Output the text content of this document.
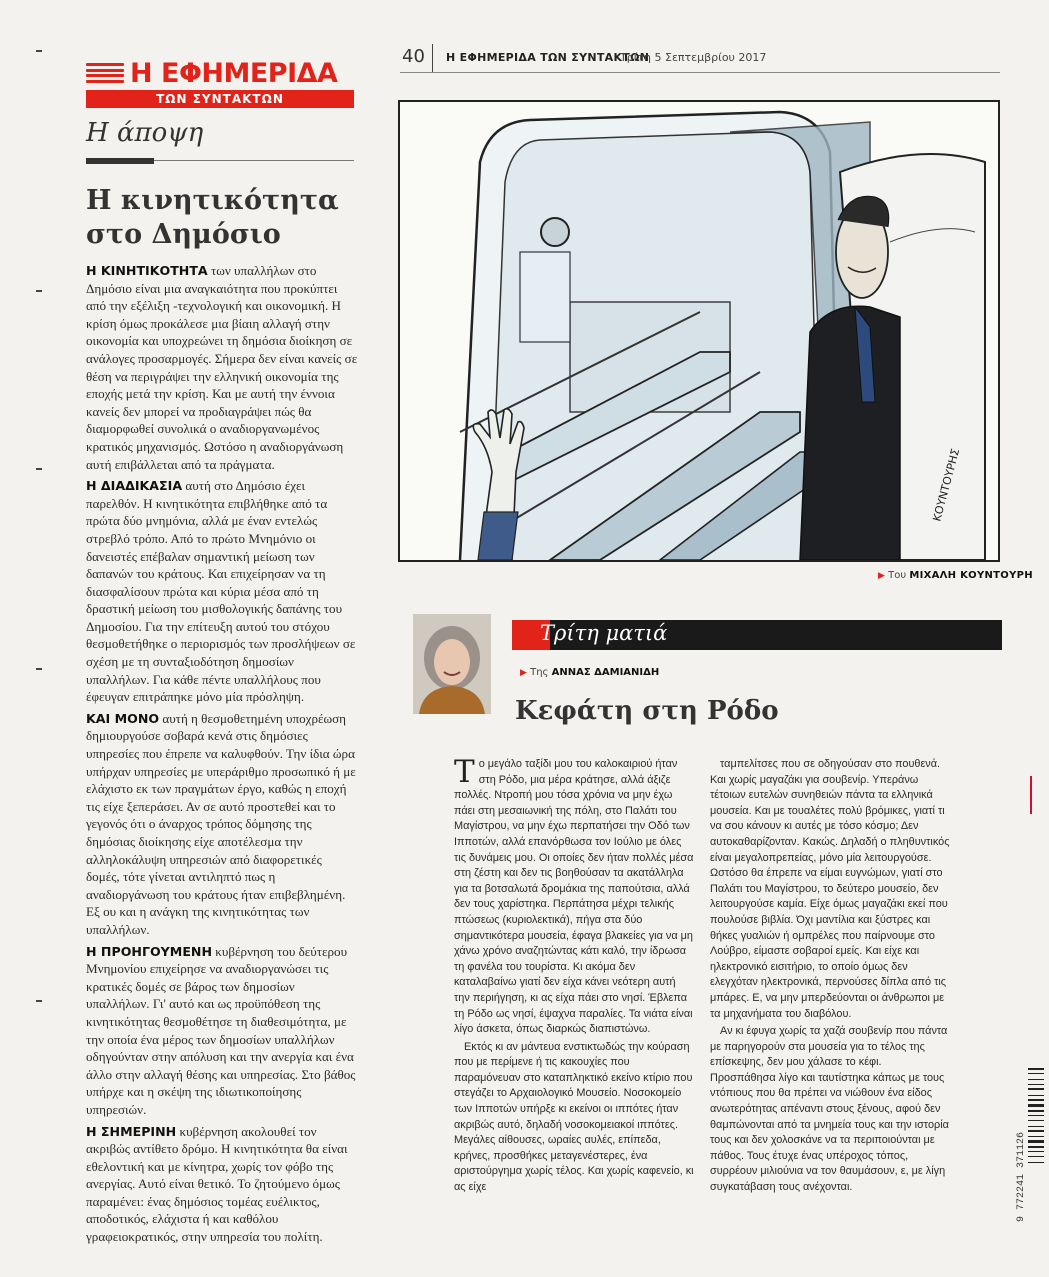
Η ΕΦΗΜΕΡΙΔΑ
ΤΩΝ ΣΥΝΤΑΚΤΩΝ
Η άποψη
40 Η ΕΦΗΜΕΡΙΔΑ ΤΩΝ ΣΥΝΤΑΚΤΩΝ
Τρίτη 5 Σεπτεμβρίου 2017
Η κινητικότητα
στο Δημόσιο

Η ΚΙΝΗΤΙΚΟΤΗΤΑ των υπαλλήλων στο Δημόσιο είναι μια αναγκαιότητα που προκύπτει από την εξέλιξη -τεχνολογική και οικονομική. Η κρίση όμως προκάλεσε μια βίαιη αλλαγή στην οικονομία και υποχρεώνει τη δημόσια διοίκηση σε ανάλογες προσαρμογές. Σήμερα δεν είναι κανείς σε θέση να περιγράψει την ελληνική οικονομία της εποχής μετά την κρίση. Και με αυτή την έννοια κανείς δεν μπορεί να προδιαγράψει πώς θα διαμορφωθεί συνολικά ο αναδιοργανωμένος κρατικός μηχανισμός. Ωστόσο η αναδιοργάνωση αυτή επιβάλλεται από τα πράγματα.

Η ΔΙΑΔΙΚΑΣΙΑ αυτή στο Δημόσιο έχει παρελθόν. Η κινητικότητα επιβλήθηκε από τα πρώτα δύο μνημόνια, αλλά με έναν εντελώς στρεβλό τρόπο. Από το πρώτο Μνημόνιο οι δανειστές επέβαλαν σημαντική μείωση των δαπανών του κράτους. Και επιχείρησαν να τη διασφαλίσουν πρώτα και κύρια μέσα από τη δραστική μείωση του μισθολογικής δαπάνης του Δημοσίου. Για την επίτευξη αυτού του στόχου θεσμοθετήθηκε ο περιορισμός των προσλήψεων σε σχέση με τη συνταξιοδότηση δημοσίων υπαλλήλων. Για κάθε πέντε υπαλλήλους που έφευγαν επιτράπηκε μόνο μία πρόσληψη.

ΚΑΙ ΜΟΝΟ αυτή η θεσμοθετημένη υποχρέωση δημιουργούσε σοβαρά κενά στις δημόσιες υπηρεσίες που έπρεπε να καλυφθούν. Την ίδια ώρα υπήρχαν υπηρεσίες με υπεράριθμο προσωπικό ή με ελάχιστο εκ των πραγμάτων έργο, καθώς η εποχή τις είχε ξεπεράσει. Αν σε αυτό προστεθεί και το γεγονός ότι ο άναρχος τρόπος δόμησης της δημόσιας διοίκησης είχε αποτέλεσμα την αλληλοκάλυψη υπηρεσιών από διαφορετικές δομές, τότε γίνεται αντιληπτό πως η αναδιοργάνωση του κράτους ήταν επιβεβλημένη. Εξ ου και η ανάγκη της κινητικότητας των υπαλλήλων.

Η ΠΡΟΗΓΟΥΜΕΝΗ κυβέρνηση του δεύτερου Μνημονίου επιχείρησε να αναδιοργανώσει τις κρατικές δομές σε βάρος των δημοσίων υπαλλήλων. Γι' αυτό και ως προϋπόθεση της κινητικότητας θεσμοθέτησε τη διαθεσιμότητα, με την οποία ένα μέρος των δημοσίων υπαλλήλων οδηγούνταν στην απόλυση και την ανεργία και ένα άλλο στην αλλαγή θέσης και υπηρεσίας. Στο βάθος υπήρχε και η σκέψη της ιδιωτικοποίησης υπηρεσιών.

Η ΣΗΜΕΡΙΝΗ κυβέρνηση ακολουθεί τον ακριβώς αντίθετο δρόμο. Η κινητικότητα θα είναι εθελοντική και με κίνητρα, χωρίς τον φόβο της ανεργίας. Αυτό είναι θετικό. Το ζητούμενο όμως παραμένει: ένας δημόσιος τομέας ευέλικτος, αποδοτικός, ελάχιστα ή και καθόλου γραφειοκρατικός, στην υπηρεσία του πολίτη.

ΚΟΥΝΤΟΥΡΗΣ
▶ Του ΜΙΧΑΛΗ ΚΟΥΝΤΟΥΡΗ
Τρίτη ματιά
▶ Της ΑΝΝΑΣ ΔΑΜΙΑΝΙΔΗ
Κεφάτη στη Ρόδο

Το μεγάλο ταξίδι μου του καλοκαιριού ήταν στη Ρόδο, μια μέρα κράτησε, αλλά άξιζε πολλές. Ντροπή μου τόσα χρόνια να μην έχω πάει στη μεσαιωνική της πόλη, στο Παλάτι του Μαγίστρου, να μην έχω περπατήσει την Οδό των Ιπποτών, αλλά επανόρθωσα τον Ιούλιο με όλες τις δυνάμεις μου. Οι οποίες δεν ήταν πολλές μέσα στη ζέστη και δεν τις βοηθούσαν τα ακατάλληλα για τα βοτσαλωτά δρομάκια της παπούτσια, αλλά δεν τους χαρίστηκα. Περπάτησα μέχρι τελικής πτώσεως (κυριολεκτικά), πήγα στα δύο σημαντικότερα μουσεία, έφαγα βλακείες για να μη χάνω χρόνο αναζητώντας κάτι καλό, την ίδρωσα τη φανέλα του τουρίστα. Κι ακόμα δεν καταλαβαίνω γιατί δεν είχα κάνει νεότερη αυτή την περιήγηση, κι ας είχα πάει στο νησί. Έβλεπα τη Ρόδο ως νησί, έψαχνα παραλίες. Τα νιάτα είναι λίγο άσκετα, όπως διαρκώς διαπιστώνω.

Εκτός κι αν μάντευα ενστικτωδώς την κούραση που με περίμενε ή τις κακουχίες που παραμόνευαν στο καταπληκτικό εκείνο κτίριο που στεγάζει το Αρχαιολογικό Μουσείο. Νοσοκομείο των Ιπποτών υπήρξε κι εκείνοι οι ιππότες ήταν ακριβώς αυτό, δηλαδή νοσοκομειακοί ιππότες. Μεγάλες αίθουσες, ωραίες αυλές, επίπεδα, κρήνες, προσθήκες μεταγενέστερες, ένα αριστούργημα χωρίς τέλος. Και χωρίς καφενείο, κι ας είχε

ταμπελίτσες που σε οδηγούσαν στο πουθενά. Και χωρίς μαγαζάκι για σουβενίρ. Υπεράνω τέτοιων ευτελών συνηθειών πάντα τα ελληνικά μουσεία. Και με τουαλέτες πολύ βρόμικες, γιατί τι να σου κάνουν κι αυτές με τόσο κόσμο; Δεν αυτοκαθαρίζονταν. Κακώς. Δηλαδή ο πληθυντικός είναι μεγαλοπρεπείας, μόνο μία λειτουργούσε. Ωστόσο θα έπρεπε να είμαι ευγνώμων, γιατί στο Παλάτι του Μαγίστρου, το δεύτερο μουσείο, δεν λειτουργούσε καμία. Είχε όμως μαγαζάκι εκεί που πουλούσε βιβλία. Όχι μαντίλια και ξύστρες και θήκες γυαλιών ή ομπρέλες που παίρνουμε στο Λούβρο, είμαστε σοβαροί εμείς. Και είχε και ηλεκτρονικό εισιτήριο, το οποίο όμως δεν ελεγχόταν ηλεκτρονικά, περνούσες δίπλα από τις μπάρες. Ε, να μην μπερδεύονται οι άνθρωποι με τα μηχανήματα του διαβόλου.

Αν κι έφυγα χωρίς τα χαζά σουβενίρ που πάντα με παρηγορούν στα μουσεία για το τέλος της επίσκεψης, δεν μου χάλασε το κέφι. Προσπάθησα λίγο και ταυτίστηκα κάπως με τους ντόπιους που θα πρέπει να νιώθουν ένα είδος ανωτερότητας απέναντι στους ξένους, αφού δεν θαμπώνονται από τα μνημεία τους και την ιστορία τους και δεν χολοσκάνε να τα περιποιούνται με πάθος. Τους έτυχε ένας υπέροχος τόπος, συρρέουν μιλιούνια να τον θαυμάσουν, ε, με λίγη συγκατάβαση τους ανέχονται.	9 772241 371126
